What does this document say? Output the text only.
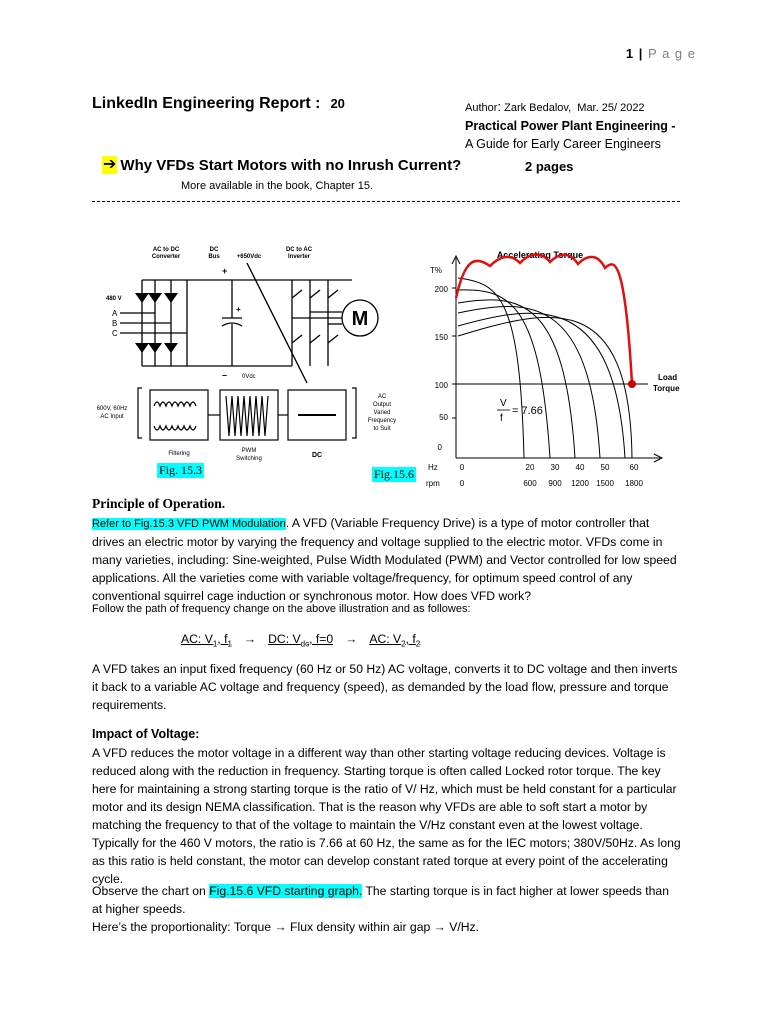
1 | P a g e
LinkedIn Engineering Report : 20	Author: Zark Bedalov, Mar. 25/ 2022
Practical Power Plant Engineering -
A Guide for Early Career Engineers
➔ Why VFDs Start Motors with no Inrush Current?	2 pages
More available in the book, Chapter 15.
AC to DC
Converter
DC
Bus	+650Vdc
DC to AC
Inverter
480 V
A
B
C
+
+
– 0Vdc
M
600V, 60Hz
AC Input
Filtering	PWM
Switching	DC
AC
Output
Varied
Frequency
to Suit
Accelerating Torque
T%
200
150
100
50
0
Load
Torque
V
f
= 7.66
Hz
rpm
0	20 30 40 50	60
0	600 900 1200 1500 1800
Fig. 15.3	Fig.15.6
Principle of Operation.
Refer to Fig.15.3 VFD PWM Modulation. A VFD (Variable Frequency Drive) is a type of motor controller that drives an electric motor by varying the frequency and voltage supplied to the electric motor. VFDs come in many varieties, including: Sine-weighted, Pulse Width Modulated (PWM) and Vector controlled for low speed applications. All the varieties come with variable voltage/frequency, for optimum speed control of any conventional squirrel cage induction or synchronous motor. How does VFD work?
Follow the path of frequency change on the above illustration and as followes:
AC: $V_1$, $f_1$ → DC: $V_{dc}$, f=0 → AC: $V_2$, $f_2$
A VFD takes an input fixed frequency (60 Hz or 50 Hz) AC voltage, converts it to DC voltage and then inverts it back to a variable AC voltage and frequency (speed), as demanded by the load flow, pressure and torque requirements.
Impact of Voltage:
A VFD reduces the motor voltage in a different way than other starting voltage reducing devices. Voltage is reduced along with the reduction in frequency. Starting torque is often called Locked rotor torque. The key here for maintaining a strong starting torque is the ratio of V/ Hz, which must be held constant for a particular motor and its design NEMA classification. That is the reason why VFDs are able to soft start a motor by matching the frequency to that of the voltage to maintain the V/Hz constant even at the lowest voltage. Typically for the 460 V motors, the ratio is 7.66 at 60 Hz, the same as for the IEC motors; 380V/50Hz. As long as this ratio is held constant, the motor can develop constant rated torque at every point of the accelerating cycle.
Observe the chart on Fig.15.6 VFD starting graph. The starting torque is in fact higher at lower speeds than at higher speeds.
Here’s the proportionality: Torque → Flux density within air gap → V/Hz.
